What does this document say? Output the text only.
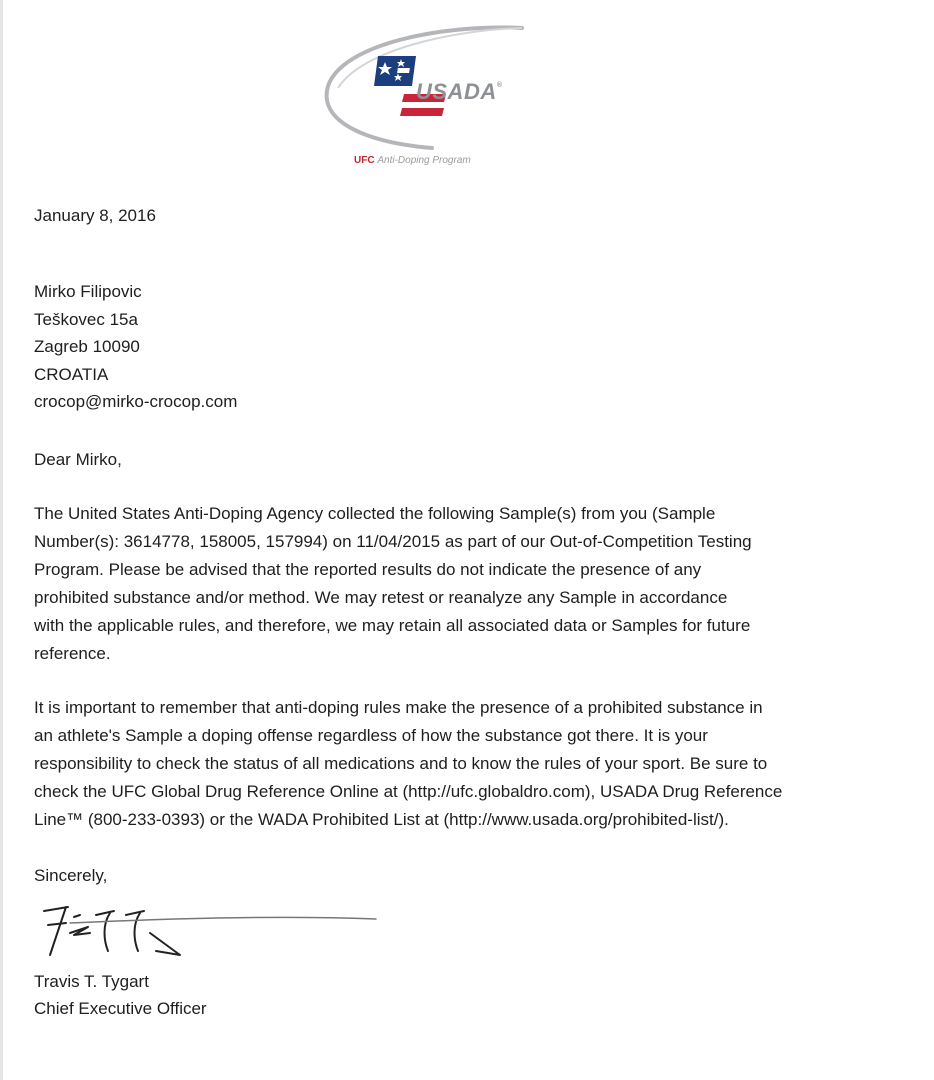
USADA®
UFC Anti-Doping Program
January 8, 2016
Mirko Filipovic
Teškovec 15a
Zagreb 10090
CROATIA
crocop@mirko-crocop.com
Dear Mirko,
The United States Anti-Doping Agency collected the following Sample(s) from you (Sample
Number(s): 3614778, 158005, 157994) on 11/04/2015 as part of our Out-of-Competition Testing
Program. Please be advised that the reported results do not indicate the presence of any
prohibited substance and/or method. We may retest or reanalyze any Sample in accordance
with the applicable rules, and therefore, we may retain all associated data or Samples for future
reference.
It is important to remember that anti-doping rules make the presence of a prohibited substance in
an athlete's Sample a doping offense regardless of how the substance got there. It is your
responsibility to check the status of all medications and to know the rules of your sport. Be sure to
check the UFC Global Drug Reference Online at (http://ufc.globaldro.com), USADA Drug Reference
Line™ (800-233-0393) or the WADA Prohibited List at (http://www.usada.org/prohibited-list/).
Sincerely,
Travis T. Tygart
Chief Executive Officer
